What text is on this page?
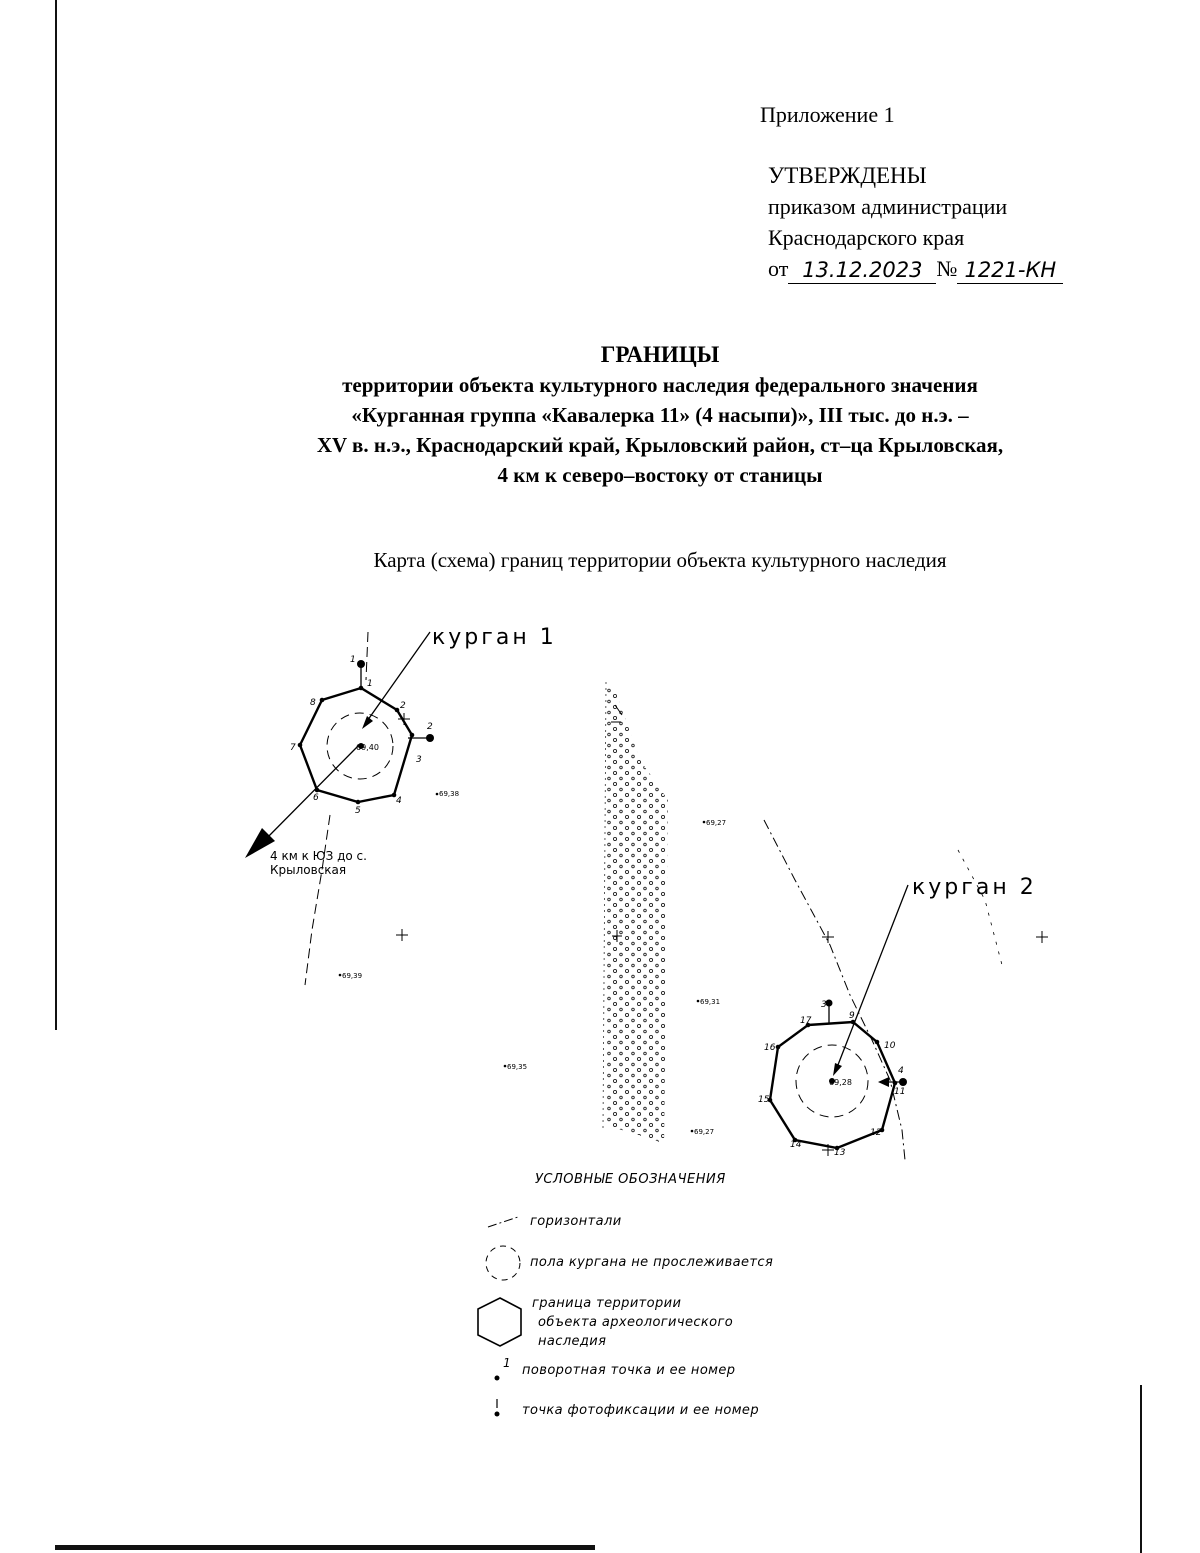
Приложение 1
УТВЕРЖДЕНЫ
приказом администрации
Краснодарского края
от 13.12.2023 № 1221-КН
ГРАНИЦЫ
территории объекта культурного наследия федерального значения
«Курганная группа «Кавалерка 11» (4 насыпи)», III тыс. до н.э. –
XV в. н.э., Краснодарский край, Крыловский район, ст–ца Крыловская,
4 км к северо–востоку от станицы
Карта (схема) границ территории объекта культурного наследия
1
2
3
4
5
6
7
8
1
2
69,40
курган 1
4 км к ЮЗ до с.
Крыловская
69,38
69,27
69,39
69,31
69,35
69,27
9
10
11
12
13
14
15
16
17
3
4
69,28
курган 2
УСЛОВНЫЕ ОБОЗНАЧЕНИЯ
горизонтали
пола кургана не прослеживается
граница территории
объекта археологического
наследия
1 поворотная точка и ее номер
точка фотофиксации и ее номер
